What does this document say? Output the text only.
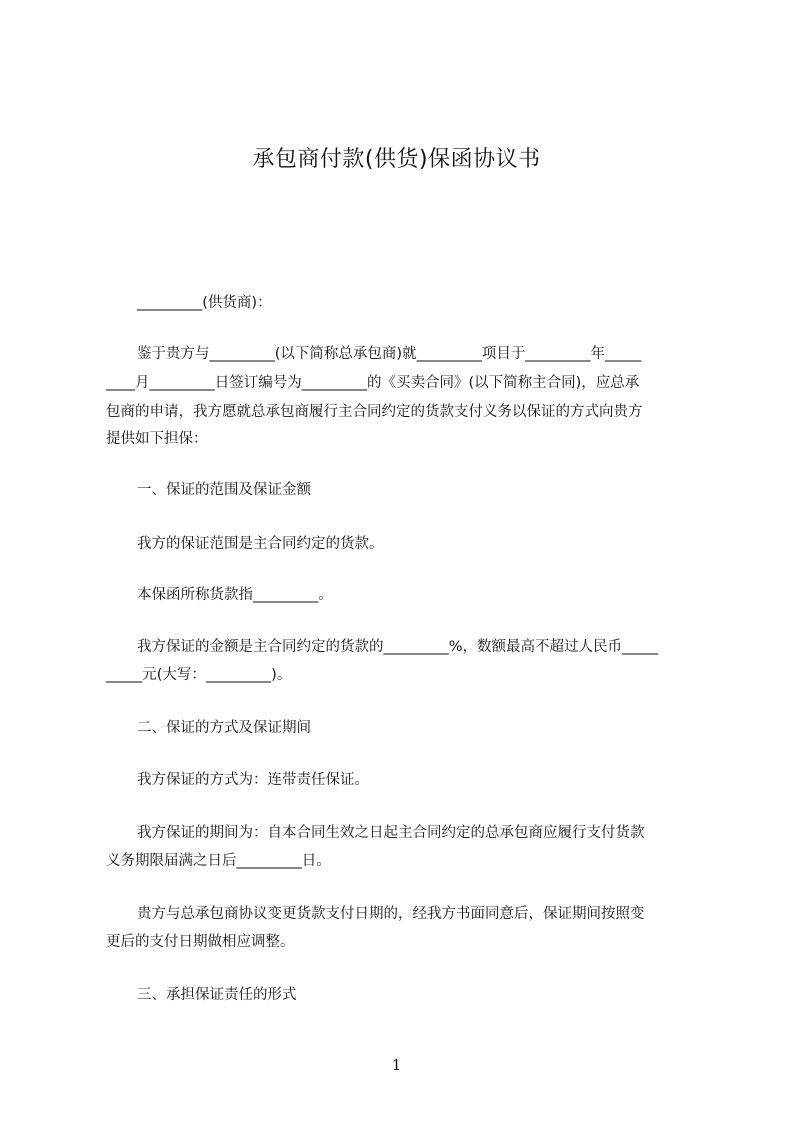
承包商付款(供货)保函协议书
_________(供货商)：
鉴于贵方与_________(以下简称总承包商)就_________项目于_________年_____
____月_________日签订编号为_________的《买卖合同》(以下简称主合同)，应总承
包商的申请，我方愿就总承包商履行主合同约定的货款支付义务以保证的方式向贵方
提供如下担保：
一、保证的范围及保证金额
我方的保证范围是主合同约定的货款。
本保函所称货款指_________。
我方保证的金额是主合同约定的货款的_________%，数额最高不超过人民币_____
_____元(大写：_________)。
二、保证的方式及保证期间
我方保证的方式为：连带责任保证。
我方保证的期间为：自本合同生效之日起主合同约定的总承包商应履行支付货款
义务期限届满之日后_________日。
贵方与总承包商协议变更货款支付日期的，经我方书面同意后，保证期间按照变
更后的支付日期做相应调整。
三、承担保证责任的形式
1
